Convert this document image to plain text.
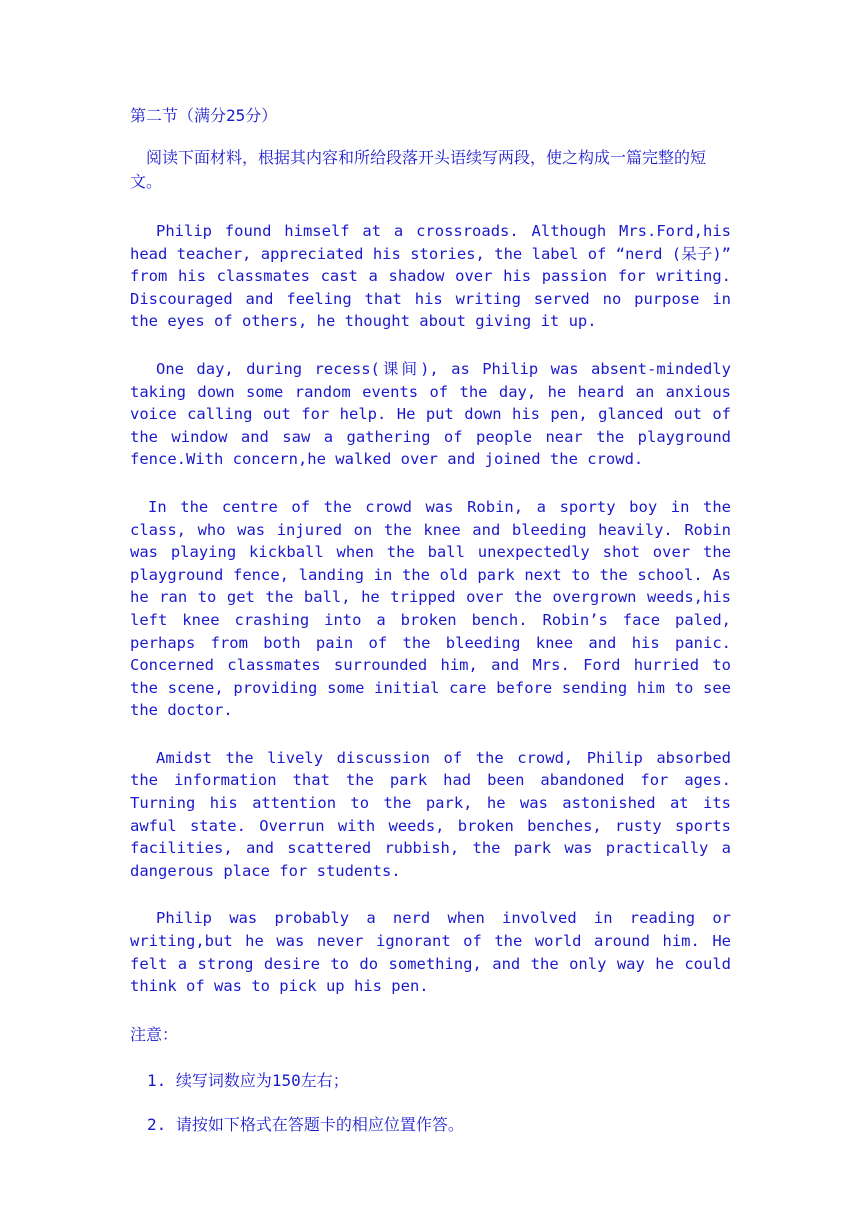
第二节（满分25分）

阅读下面材料，根据其内容和所给段落开头语续写两段，使之构成一篇完整的短文。

Philip found himself at a crossroads. Although Mrs.Ford,his head teacher, appreciated his stories, the label of “nerd (呆子)” from his classmates cast a shadow over his passion for writing. Discouraged and feeling that his writing served no purpose in the eyes of others, he thought about giving it up.

One day, during recess(课间), as Philip was absent-mindedly taking down some random events of the day, he heard an anxious voice calling out for help. He put down his pen, glanced out of the window and saw a gathering of people near the playground fence.With concern,he walked over and joined the crowd.

In the centre of the crowd was Robin, a sporty boy in the class, who was injured on the knee and bleeding heavily. Robin was playing kickball when the ball unexpectedly shot over the playground fence, landing in the old park next to the school. As he ran to get the ball, he tripped over the overgrown weeds,his left knee crashing into a broken bench. Robin’s face paled, perhaps from both pain of the bleeding knee and his panic. Concerned classmates surrounded him, and Mrs. Ford hurried to the scene, providing some initial care before sending him to see the doctor.

Amidst the lively discussion of the crowd, Philip absorbed the information that the park had been abandoned for ages. Turning his attention to the park, he was astonished at its awful state. Overrun with weeds, broken benches, rusty sports facilities, and scattered rubbish, the park was practically a dangerous place for students.

Philip was probably a nerd when involved in reading or writing,but he was never ignorant of the world around him. He felt a strong desire to do something, and the only way he could think of was to pick up his pen.

注意：

1. 续写词数应为150左右；

2. 请按如下格式在答题卡的相应位置作答。
